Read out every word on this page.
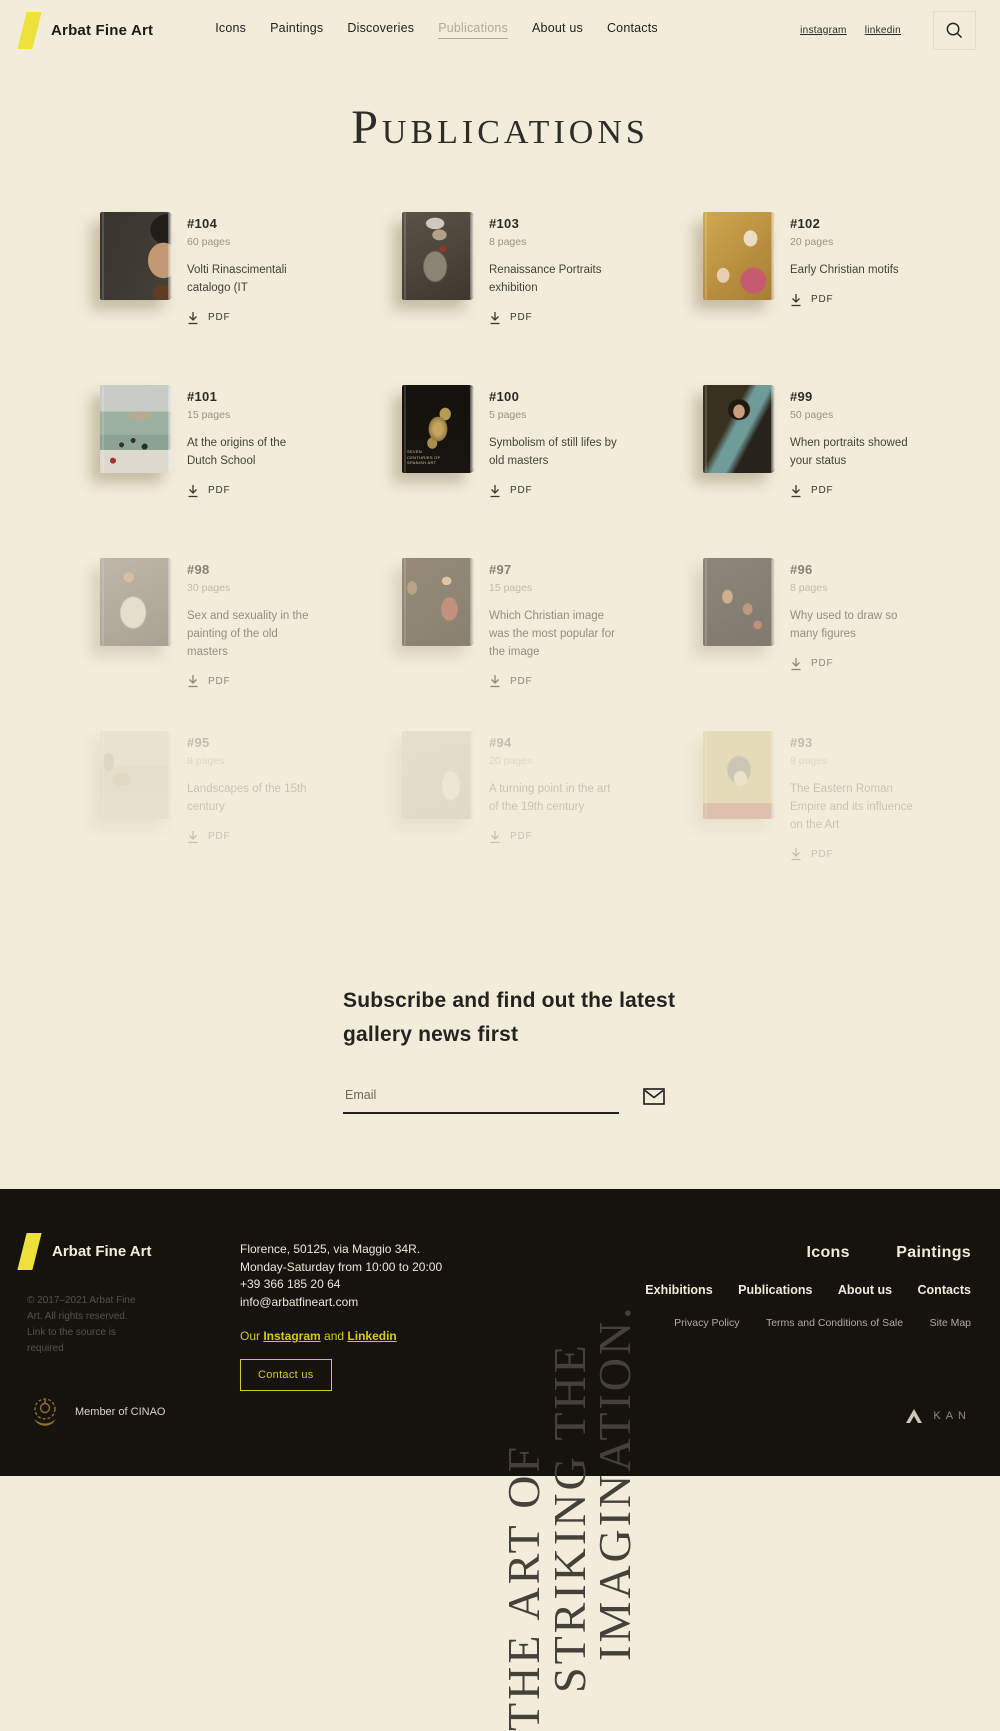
Arbat Fine Art	Icons Paintings Discoveries Publications About us Contacts	instagram linkedin
Publications
#104
60 pages
Volti Rinascimentali catalogo (IT
PDF
#103
8 pages
Renaissance Portraits exhibition
PDF
#102
20 pages
Early Christian motifs
PDF
#101
15 pages
At the origins of the Dutch School
PDF
SEVEN CENTURIES OF SPANISH ART
#100
5 pages
Symbolism of still lifes by old masters
PDF
#99
50 pages
When portraits showed your status
PDF
#98
30 pages
Sex and sexuality in the painting of the old masters
PDF
#97
15 pages
Which Christian image was the most popular for the image
PDF
#96
8 pages
Why used to draw so many figures
PDF
#95
8 pages
Landscapes of the 15th century
PDF
#94
20 pages
A turning point in the art of the 19th century
PDF
#93
8 pages
The Eastern Roman Empire and its influence on the Art
PDF
Subscribe and find out the latest gallery news first
Email
Arbat Fine Art
© 2017–2021 Arbat Fine Art. All rights reserved. Link to the source is required
Member of CINAO
Florence, 50125, via Maggio 34R.
Monday-Saturday from 10:00 to 20:00
+39 366 185 20 64
info@arbatfineart.com
Our Instagram and Linkedin
Contact us
THE ART OF
STRIKING THE
IMAGINATION.
Icons	Paintings
Exhibitions Publications About us Contacts
Privacy Policy	Terms and Conditions of Sale	Site Map
KAN
